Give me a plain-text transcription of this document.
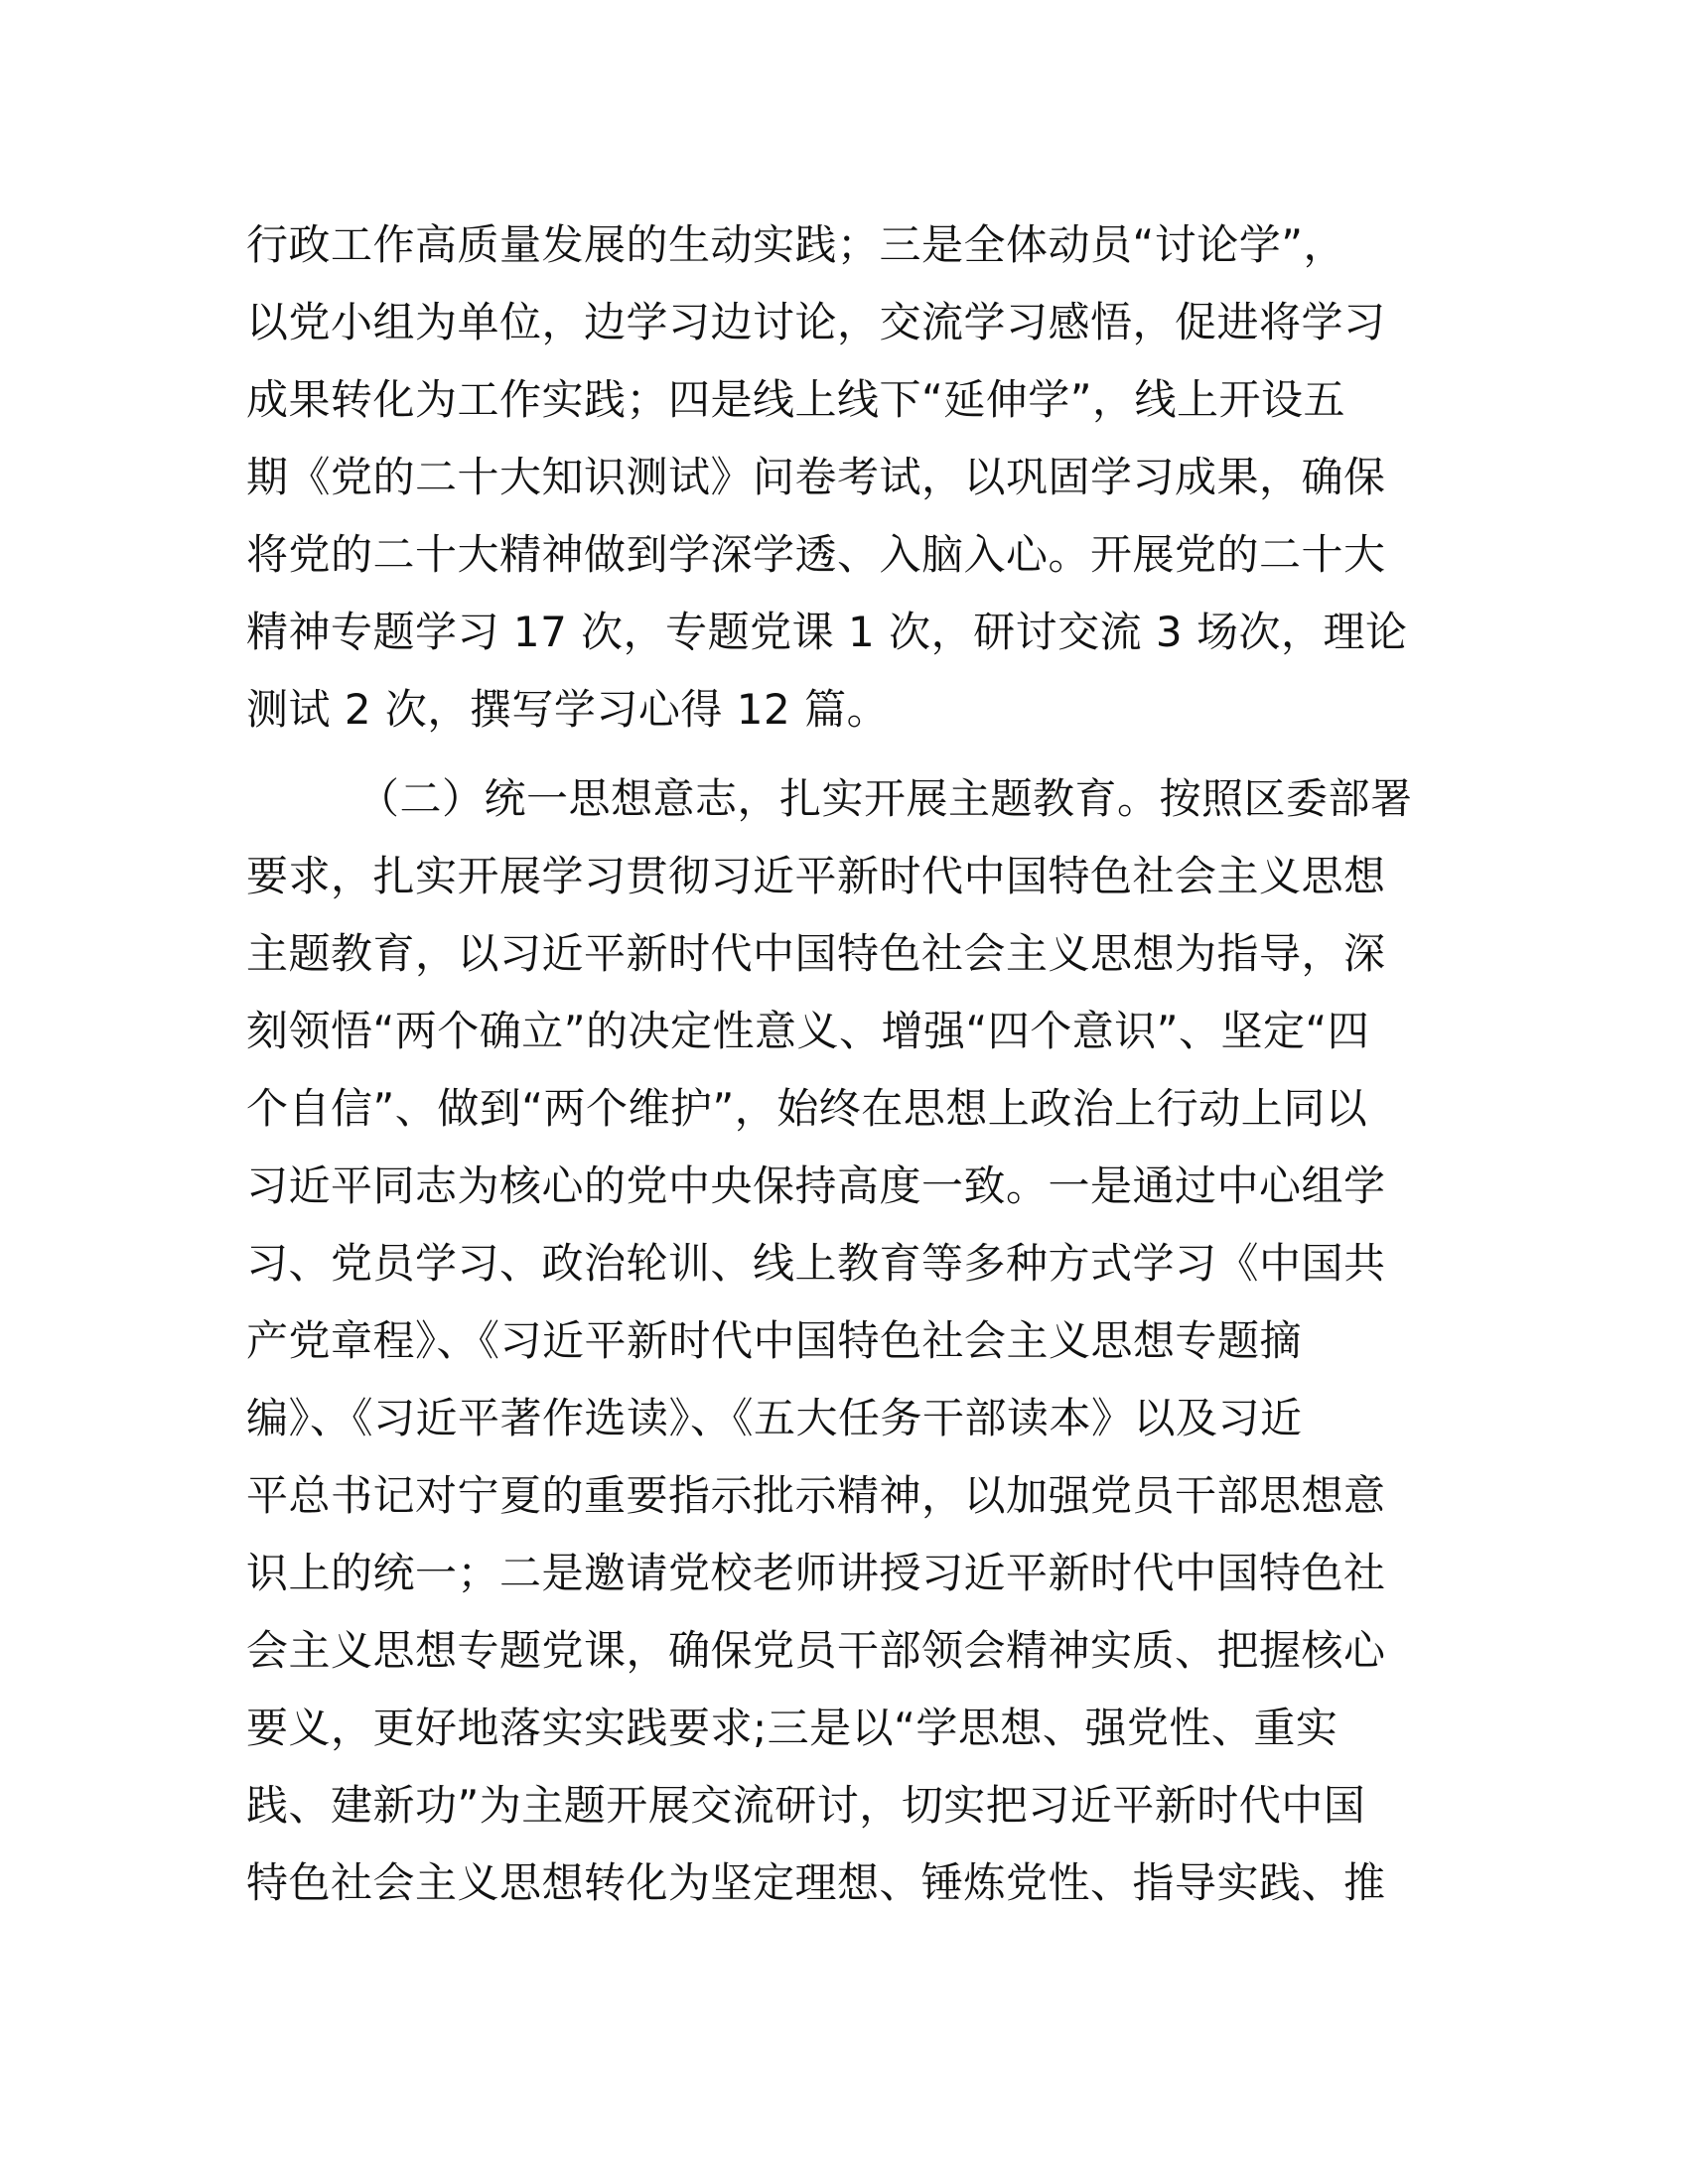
行政工作高质量发展的生动实践；三是全体动员“讨论学”，
以党小组为单位，边学习边讨论，交流学习感悟，促进将学习
成果转化为工作实践；四是线上线下“延伸学”，线上开设五
期《党的二十大知识测试》问卷考试，以巩固学习成果，确保
将党的二十大精神做到学深学透、入脑入心。开展党的二十大
精神专题学习 17 次，专题党课 1 次，研讨交流 3 场次，理论
测试 2 次，撰写学习心得 12 篇。
（二）统一思想意志，扎实开展主题教育。按照区委部署
要求，扎实开展学习贯彻习近平新时代中国特色社会主义思想
主题教育，以习近平新时代中国特色社会主义思想为指导，深
刻领悟“两个确立”的决定性意义、增强“四个意识”、坚定“四
个自信”、做到“两个维护”，始终在思想上政治上行动上同以
习近平同志为核心的党中央保持高度一致。一是通过中心组学
习、党员学习、政治轮训、线上教育等多种方式学习《中国共
产党章程》、《习近平新时代中国特色社会主义思想专题摘
编》、《习近平著作选读》、《五大任务干部读本》以及习近
平总书记对宁夏的重要指示批示精神，以加强党员干部思想意
识上的统一；二是邀请党校老师讲授习近平新时代中国特色社
会主义思想专题党课，确保党员干部领会精神实质、把握核心
要义，更好地落实实践要求;三是以“学思想、强党性、重实
践、建新功”为主题开展交流研讨，切实把习近平新时代中国
特色社会主义思想转化为坚定理想、锤炼党性、指导实践、推
